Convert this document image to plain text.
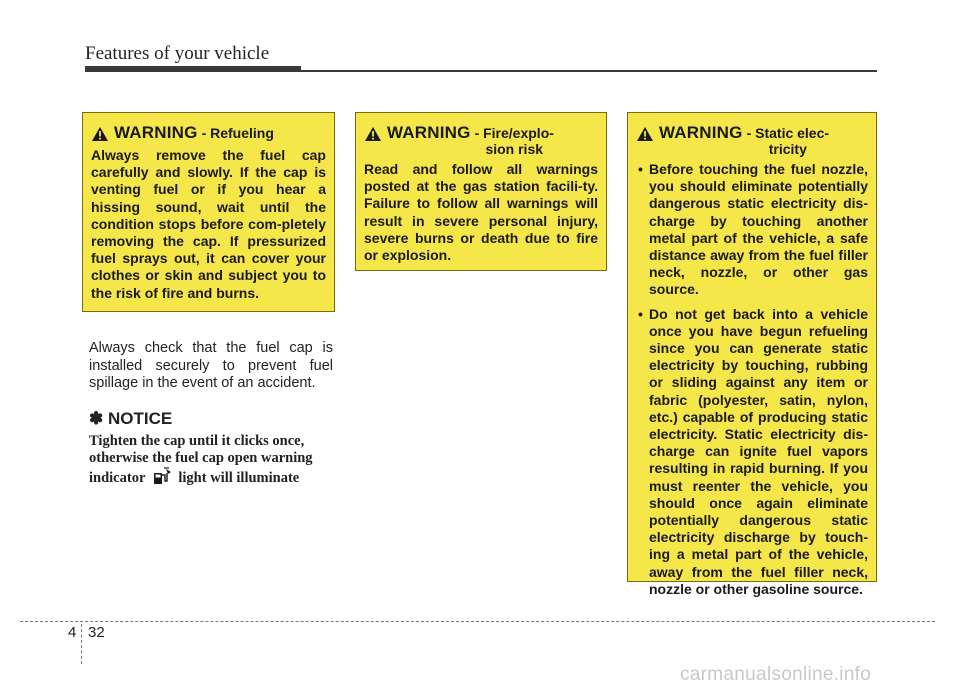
Features of your vehicle
WARNING - Refueling
Always remove the fuel cap carefully and slowly. If the cap is venting fuel or if you hear a hissing sound, wait until the condition stops before com-pletely removing the cap. If pressurized fuel sprays out, it can cover your clothes or skin and subject you to the risk of fire and burns.
WARNING - Fire/explo-
sion risk
Read and follow all warnings posted at the gas station facili-ty. Failure to follow all warnings will result in severe personal injury, severe burns or death due to fire or explosion.
WARNING - Static elec-
tricity
• Before touching the fuel nozzle, you should eliminate potentially dangerous static electricity dis-charge by touching another metal part of the vehicle, a safe distance away from the fuel filler neck, nozzle, or other gas source.
• Do not get back into a vehicle once you have begun refueling since you can generate static electricity by touching, rubbing or sliding against any item or fabric (polyester, satin, nylon, etc.) capable of producing static electricity. Static electricity dis-charge can ignite fuel vapors resulting in rapid burning. If you must reenter the vehicle, you should once again eliminate potentially dangerous static electricity discharge by touch-ing a metal part of the vehicle, away from the fuel filler neck, nozzle or other gasoline source.
Always check that the fuel cap is installed securely to prevent fuel spillage in the event of an accident.
✽ NOTICE
Tighten the cap until it clicks once, otherwise the fuel cap open warning indicator light will illuminate
4 32
carmanualsonline.info
